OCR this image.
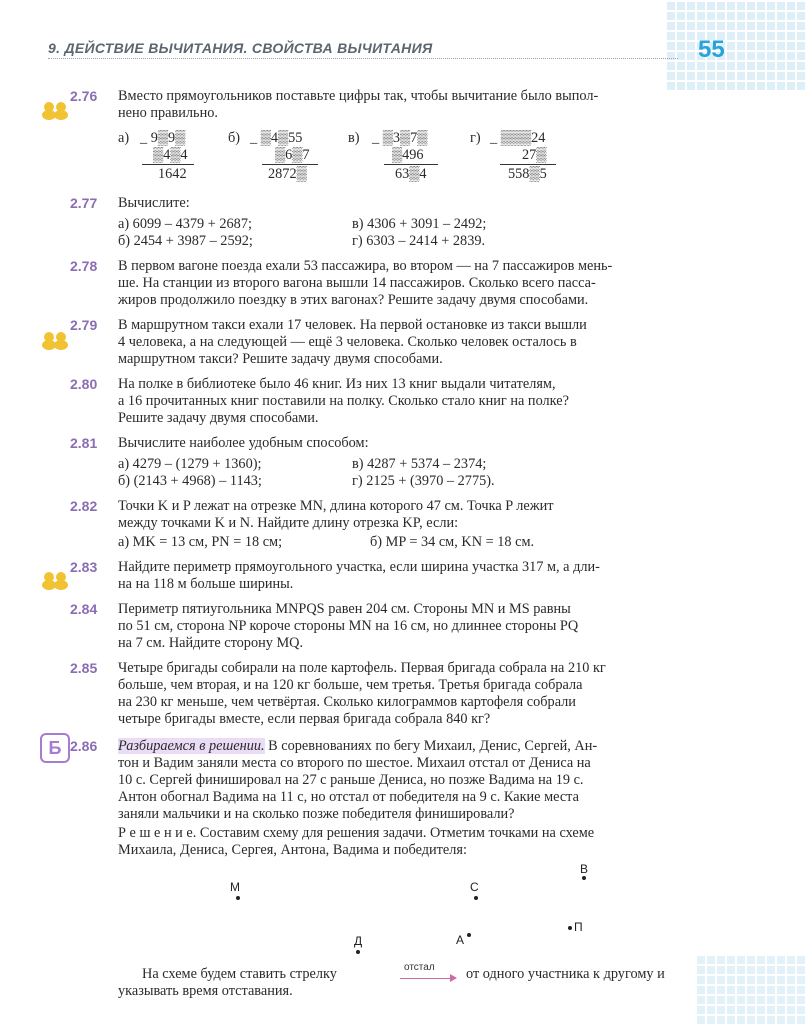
9. ДЕЙСТВИЕ ВЫЧИТАНИЯ. СВОЙСТВА ВЫЧИТАНИЯ	55
2.76 Вместо прямоугольников поставьте цифры так, чтобы вычитание было выпол-
нено правильно.
а) _ 9▒9▒
▒4▒4
1642
б) _ ▒4▒55
▒6▒7
2872▒
в) _ ▒3▒7▒
▒496
63▒4
г) _ ▒▒▒24
27▒
558▒5
2.77 Вычислите:
а) 6099 – 4379 + 2687;	в) 4306 + 3091 – 2492;
б) 2454 + 3987 – 2592;	г) 6303 – 2414 + 2839.
2.78 В первом вагоне поезда ехали 53 пассажира, во втором — на 7 пассажиров мень-
ше. На станции из второго вагона вышли 14 пассажиров. Сколько всего пасса-
жиров продолжило поездку в этих вагонах? Решите задачу двумя способами.
2.79 В маршрутном такси ехали 17 человек. На первой остановке из такси вышли
4 человека, а на следующей — ещё 3 человека. Сколько человек осталось в
маршрутном такси? Решите задачу двумя способами.
2.80 На полке в библиотеке было 46 книг. Из них 13 книг выдали читателям,
а 16 прочитанных книг поставили на полку. Сколько стало книг на полке?
Решите задачу двумя способами.
2.81 Вычислите наиболее удобным способом:
а) 4279 – (1279 + 1360);	в) 4287 + 5374 – 2374;
б) (2143 + 4968) – 1143;	г) 2125 + (3970 – 2775).
2.82 Точки K и P лежат на отрезке MN, длина которого 47 см. Точка P лежит
между точками K и N. Найдите длину отрезка KP, если:
а) MK = 13 см, PN = 18 см;	б) MP = 34 см, KN = 18 см.
2.83 Найдите периметр прямоугольного участка, если ширина участка 317 м, а дли-
на на 118 м больше ширины.
2.84 Периметр пятиугольника MNPQS равен 204 см. Стороны MN и MS равны
по 51 см, сторона NP короче стороны MN на 16 см, но длиннее стороны PQ
на 7 см. Найдите сторону MQ.
2.85 Четыре бригады собирали на поле картофель. Первая бригада собрала на 210 кг
больше, чем вторая, и на 120 кг больше, чем третья. Третья бригада собрала
на 230 кг меньше, чем четвёртая. Сколько килограммов картофеля собрали
четыре бригады вместе, если первая бригада собрала 840 кг?
Б 2.86 Разбираемся в решении. В соревнованиях по бегу Михаил, Денис, Сергей, Ан-
тон и Вадим заняли места со второго по шестое. Михаил отстал от Дениса на
10 с. Сергей финишировал на 27 с раньше Дениса, но позже Вадима на 19 с.
Антон обогнал Вадима на 11 с, но отстал от победителя на 9 с. Какие места
заняли мальчики и на сколько позже победителя финишировали?
Р е ш е н и е. Составим схему для решения задачи. Отметим точками на схеме
Михаила, Дениса, Сергея, Антона, Вадима и победителя:
М	С
В
П
А
Д
На схеме будем ставить стрелку	отстал от одного участника к другому и
указывать время отставания.
